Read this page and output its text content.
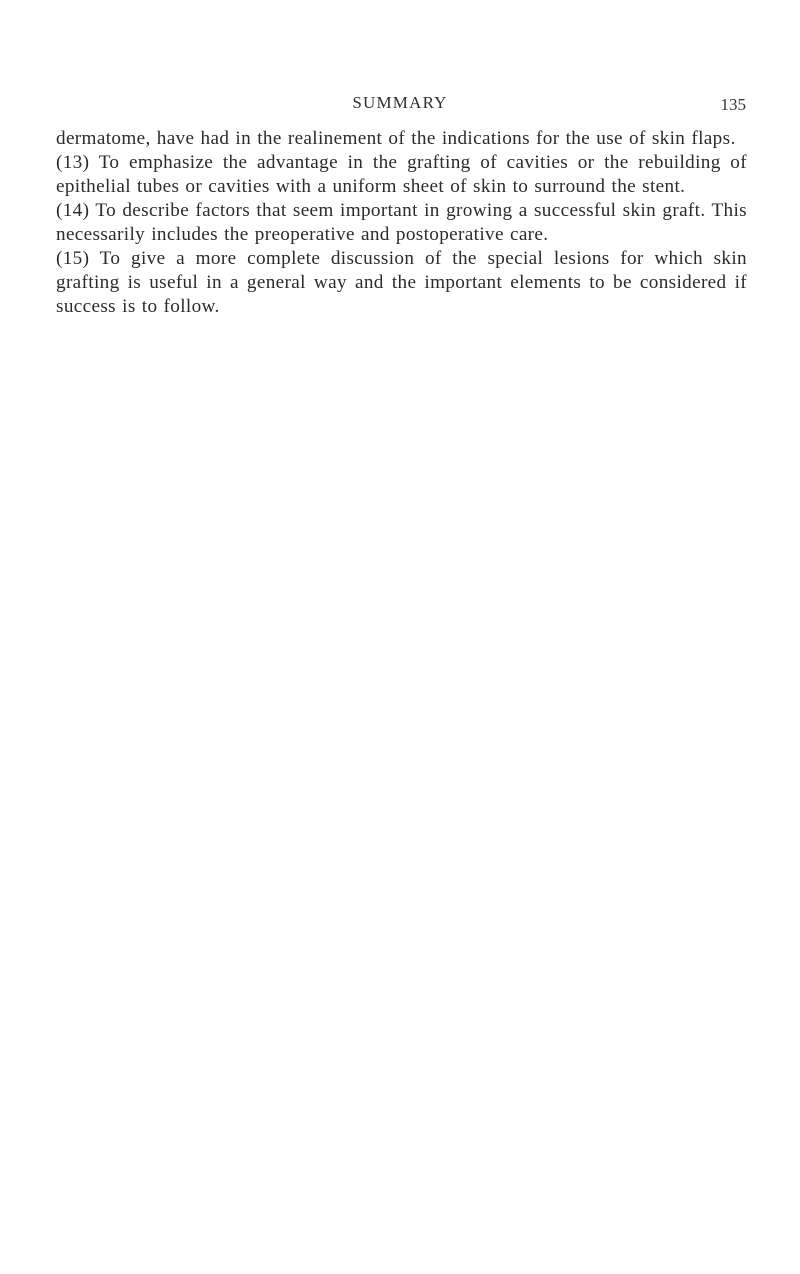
SUMMARY	135

dermatome, have had in the realinement of the indications for the use of skin flaps.

(13) To emphasize the advantage in the grafting of cavities or the rebuilding of epithelial tubes or cavities with a uniform sheet of skin to surround the stent.

(14) To describe factors that seem important in growing a successful skin graft. This necessarily includes the preoperative and postoperative care.

(15) To give a more complete discussion of the special lesions for which skin grafting is useful in a general way and the important elements to be considered if success is to follow.
